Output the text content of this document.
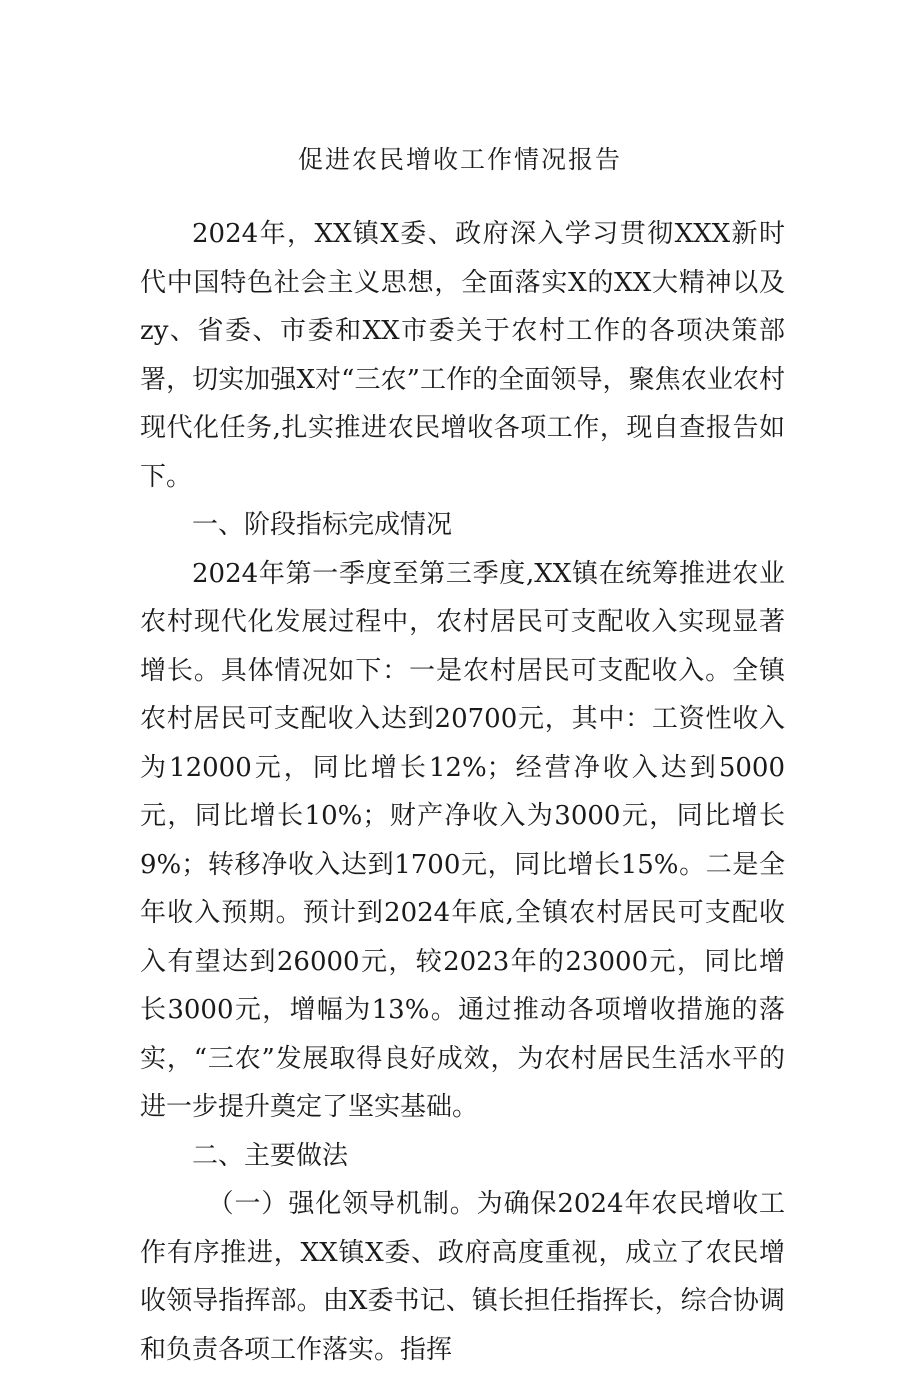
促进农民增收工作情况报告

2024年，XX镇X委、政府深入学习贯彻XXX新时代中国特色社会主义思想，全面落实X的XX大精神以及zy、省委、市委和XX市委关于农村工作的各项决策部署，切实加强X对“三农”工作的全面领导，聚焦农业农村现代化任务,扎实推进农民增收各项工作，现自查报告如下。

一、阶段指标完成情况

2024年第一季度至第三季度,XX镇在统筹推进农业农村现代化发展过程中，农村居民可支配收入实现显著增长。具体情况如下：一是农村居民可支配收入。全镇农村居民可支配收入达到20700元，其中：工资性收入为12000元，同比增长12%；经营净收入达到5000元，同比增长10%；财产净收入为3000元，同比增长9%；转移净收入达到1700元，同比增长15%。二是全年收入预期。预计到2024年底,全镇农村居民可支配收入有望达到26000元，较2023年的23000元，同比增长3000元，增幅为13%。通过推动各项增收措施的落实，“三农”发展取得良好成效，为农村居民生活水平的进一步提升奠定了坚实基础。

二、主要做法

（一）强化领导机制。为确保2024年农民增收工作有序推进，XX镇X委、政府高度重视，成立了农民增收领导指挥部。由X委书记、镇长担任指挥长，综合协调和负责各项工作落实。指挥
